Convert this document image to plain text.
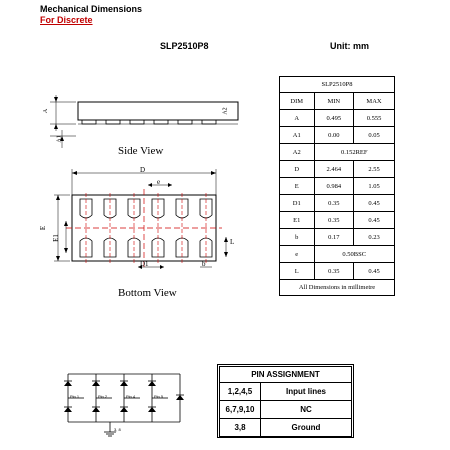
Mechanical Dimensions
For Discrete
SLP2510P8	Unit: mm
A
A1
A2
Side View
D
e
E
E1
D1	b
L
Bottom View
SLP2510P8		
DIM	MIN	MAX
A	0.495	0.555
A1	0.00	0.05
A2	0.152REF	
D	2.464	2.55
E	0.984	1.05
D1	0.35	0.45
E1	0.35	0.45
b	0.17	0.23
e	0.50BSC	
L	0.35	0.45
All Dimensions in millimetre		
Pin 1	Pin 2	Pin 4	Pin 5
3, 8
PIN ASSIGNMENT	
1,2,4,5	Input lines
6,7,9,10	NC
3,8	Ground
